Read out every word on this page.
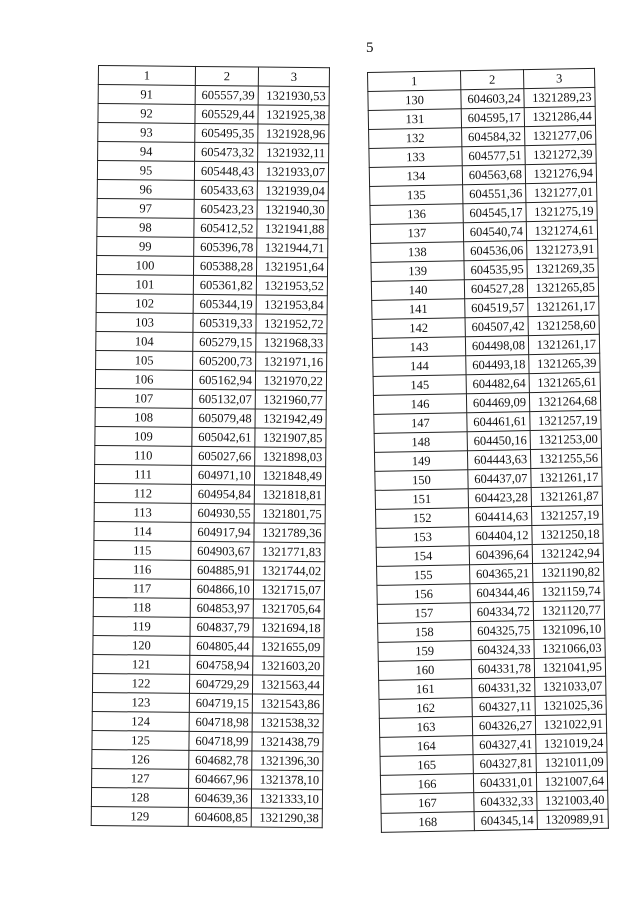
5
1	2	3
91	605557,39	1321930,53
92	605529,44	1321925,38
93	605495,35	1321928,96
94	605473,32	1321932,11
95	605448,43	1321933,07
96	605433,63	1321939,04
97	605423,23	1321940,30
98	605412,52	1321941,88
99	605396,78	1321944,71
100	605388,28	1321951,64
101	605361,82	1321953,52
102	605344,19	1321953,84
103	605319,33	1321952,72
104	605279,15	1321968,33
105	605200,73	1321971,16
106	605162,94	1321970,22
107	605132,07	1321960,77
108	605079,48	1321942,49
109	605042,61	1321907,85
110	605027,66	1321898,03
111	604971,10	1321848,49
112	604954,84	1321818,81
113	604930,55	1321801,75
114	604917,94	1321789,36
115	604903,67	1321771,83
116	604885,91	1321744,02
117	604866,10	1321715,07
118	604853,97	1321705,64
119	604837,79	1321694,18
120	604805,44	1321655,09
121	604758,94	1321603,20
122	604729,29	1321563,44
123	604719,15	1321543,86
124	604718,98	1321538,32
125	604718,99	1321438,79
126	604682,78	1321396,30
127	604667,96	1321378,10
128	604639,36	1321333,10
129	604608,85	1321290,38
1	2	3
130	604603,24	1321289,23
131	604595,17	1321286,44
132	604584,32	1321277,06
133	604577,51	1321272,39
134	604563,68	1321276,94
135	604551,36	1321277,01
136	604545,17	1321275,19
137	604540,74	1321274,61
138	604536,06	1321273,91
139	604535,95	1321269,35
140	604527,28	1321265,85
141	604519,57	1321261,17
142	604507,42	1321258,60
143	604498,08	1321261,17
144	604493,18	1321265,39
145	604482,64	1321265,61
146	604469,09	1321264,68
147	604461,61	1321257,19
148	604450,16	1321253,00
149	604443,63	1321255,56
150	604437,07	1321261,17
151	604423,28	1321261,87
152	604414,63	1321257,19
153	604404,12	1321250,18
154	604396,64	1321242,94
155	604365,21	1321190,82
156	604344,46	1321159,74
157	604334,72	1321120,77
158	604325,75	1321096,10
159	604324,33	1321066,03
160	604331,78	1321041,95
161	604331,32	1321033,07
162	604327,11	1321025,36
163	604326,27	1321022,91
164	604327,41	1321019,24
165	604327,81	1321011,09
166	604331,01	1321007,64
167	604332,33	1321003,40
168	604345,14	1320989,91
